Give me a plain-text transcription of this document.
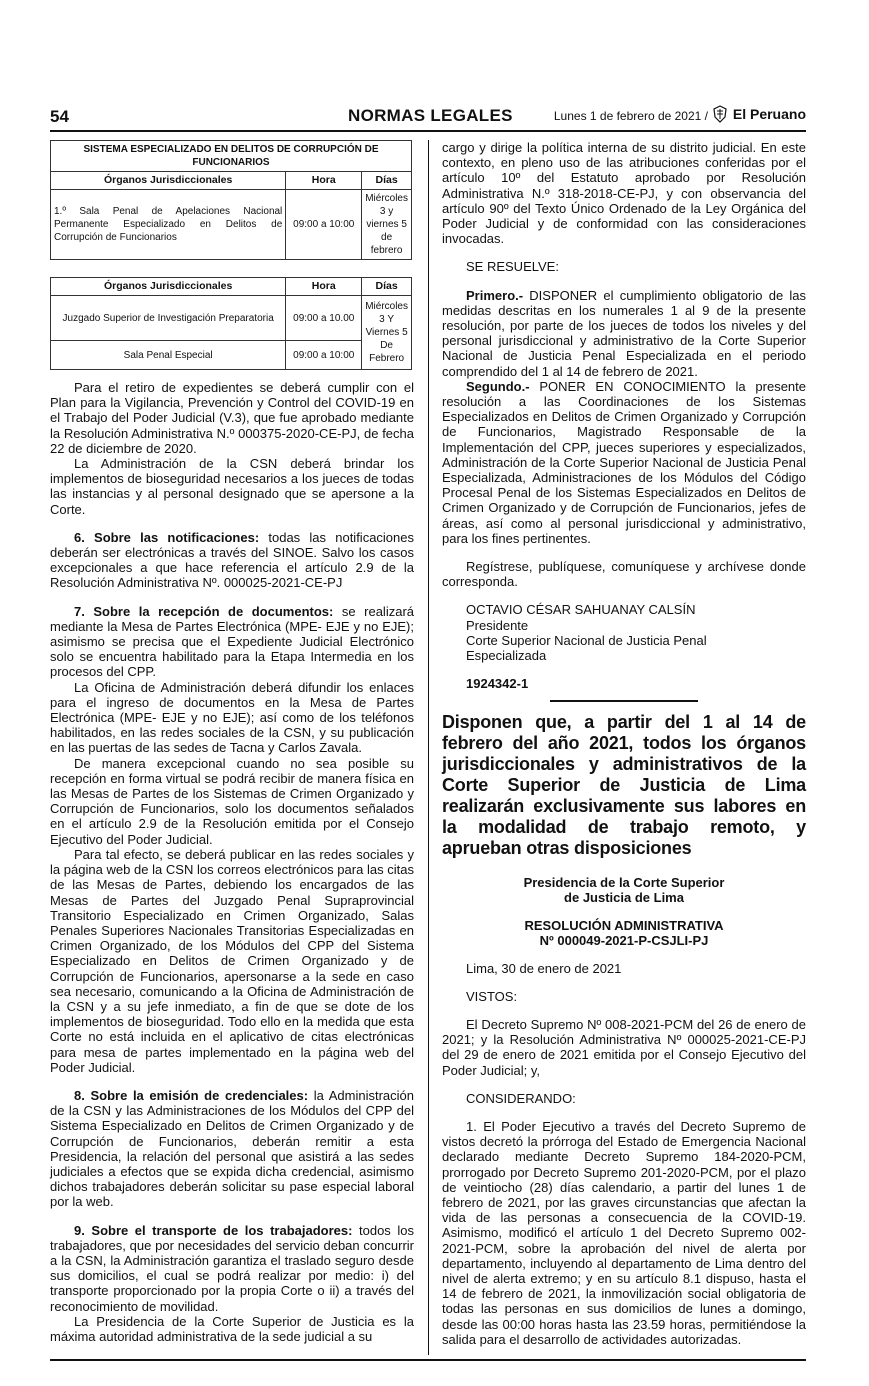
54	NORMAS LEGALES	Lunes 1 de febrero de 2021 / El Peruano
SISTEMA ESPECIALIZADO EN DELITOS DE CORRUPCIÓN DE FUNCIONARIOS		
Órganos Jurisdiccionales	Hora	Días
1.º Sala Penal de Apelaciones Nacional Permanente Especializado en Delitos de Corrupción de Funcionarios	09:00 a 10:00	Miércoles 3 y viernes 5 de febrero
Órganos Jurisdiccionales	Hora	Días
Juzgado Superior de Investigación Preparatoria	09:00 a 10.00	Miércoles 3 Y Viernes 5 De Febrero
Sala Penal Especial	09:00 a 10:00	

Para el retiro de expedientes se deberá cumplir con el Plan para la Vigilancia, Prevención y Control del COVID-19 en el Trabajo del Poder Judicial (V.3), que fue aprobado mediante la Resolución Administrativa N.º 000375-2020-CE-PJ, de fecha 22 de diciembre de 2020.

La Administración de la CSN deberá brindar los implementos de bioseguridad necesarios a los jueces de todas las instancias y al personal designado que se apersone a la Corte.

6. Sobre las notificaciones: todas las notificaciones deberán ser electrónicas a través del SINOE. Salvo los casos excepcionales a que hace referencia el artículo 2.9 de la Resolución Administrativa Nº. 000025-2021-CE-PJ

7. Sobre la recepción de documentos: se realizará mediante la Mesa de Partes Electrónica (MPE- EJE y no EJE); asimismo se precisa que el Expediente Judicial Electrónico solo se encuentra habilitado para la Etapa Intermedia en los procesos del CPP.

La Oficina de Administración deberá difundir los enlaces para el ingreso de documentos en la Mesa de Partes Electrónica (MPE- EJE y no EJE); así como de los teléfonos habilitados, en las redes sociales de la CSN, y su publicación en las puertas de las sedes de Tacna y Carlos Zavala.

De manera excepcional cuando no sea posible su recepción en forma virtual se podrá recibir de manera física en las Mesas de Partes de los Sistemas de Crimen Organizado y Corrupción de Funcionarios, solo los documentos señalados en el artículo 2.9 de la Resolución emitida por el Consejo Ejecutivo del Poder Judicial.

Para tal efecto, se deberá publicar en las redes sociales y la página web de la CSN los correos electrónicos para las citas de las Mesas de Partes, debiendo los encargados de las Mesas de Partes del Juzgado Penal Supraprovincial Transitorio Especializado en Crimen Organizado, Salas Penales Superiores Nacionales Transitorias Especializadas en Crimen Organizado, de los Módulos del CPP del Sistema Especializado en Delitos de Crimen Organizado y de Corrupción de Funcionarios, apersonarse a la sede en caso sea necesario, comunicando a la Oficina de Administración de la CSN y a su jefe inmediato, a fin de que se dote de los implementos de bioseguridad. Todo ello en la medida que esta Corte no está incluida en el aplicativo de citas electrónicas para mesa de partes implementado en la página web del Poder Judicial.

8. Sobre la emisión de credenciales: la Administración de la CSN y las Administraciones de los Módulos del CPP del Sistema Especializado en Delitos de Crimen Organizado y de Corrupción de Funcionarios, deberán remitir a esta Presidencia, la relación del personal que asistirá a las sedes judiciales a efectos que se expida dicha credencial, asimismo dichos trabajadores deberán solicitar su pase especial laboral por la web.

9. Sobre el transporte de los trabajadores: todos los trabajadores, que por necesidades del servicio deban concurrir a la CSN, la Administración garantiza el traslado seguro desde sus domicilios, el cual se podrá realizar por medio: i) del transporte proporcionado por la propia Corte o ii) a través del reconocimiento de movilidad.

La Presidencia de la Corte Superior de Justicia es la máxima autoridad administrativa de la sede judicial a su

cargo y dirige la política interna de su distrito judicial. En este contexto, en pleno uso de las atribuciones conferidas por el artículo 10º del Estatuto aprobado por Resolución Administrativa N.º 318-2018-CE-PJ, y con observancia del artículo 90º del Texto Único Ordenado de la Ley Orgánica del Poder Judicial y de conformidad con las consideraciones invocadas.

SE RESUELVE:

Primero.- DISPONER el cumplimiento obligatorio de las medidas descritas en los numerales 1 al 9 de la presente resolución, por parte de los jueces de todos los niveles y del personal jurisdiccional y administrativo de la Corte Superior Nacional de Justicia Penal Especializada en el periodo comprendido del 1 al 14 de febrero de 2021.

Segundo.- PONER EN CONOCIMIENTO la presente resolución a las Coordinaciones de los Sistemas Especializados en Delitos de Crimen Organizado y Corrupción de Funcionarios, Magistrado Responsable de la Implementación del CPP, jueces superiores y especializados, Administración de la Corte Superior Nacional de Justicia Penal Especializada, Administraciones de los Módulos del Código Procesal Penal de los Sistemas Especializados en Delitos de Crimen Organizado y de Corrupción de Funcionarios, jefes de áreas, así como al personal jurisdiccional y administrativo, para los fines pertinentes.

Regístrese, publíquese, comuníquese y archívese donde corresponda.

OCTAVIO CÉSAR SAHUANAY CALSÍN
Presidente
Corte Superior Nacional de Justicia Penal
Especializada

1924342-1

Disponen que, a partir del 1 al 14 de febrero del año 2021, todos los órganos jurisdiccionales y administrativos de la Corte Superior de Justicia de Lima realizarán exclusivamente sus labores en la modalidad de trabajo remoto, y aprueban otras disposiciones
Presidencia de la Corte Superior
de Justicia de Lima
RESOLUCIÓN ADMINISTRATIVA
Nº 000049-2021-P-CSJLI-PJ

Lima, 30 de enero de 2021

VISTOS:

El Decreto Supremo Nº 008-2021-PCM del 26 de enero de 2021; y la Resolución Administrativa Nº 000025-2021-CE-PJ del 29 de enero de 2021 emitida por el Consejo Ejecutivo del Poder Judicial; y,

CONSIDERANDO:

1. El Poder Ejecutivo a través del Decreto Supremo de vistos decretó la prórroga del Estado de Emergencia Nacional declarado mediante Decreto Supremo 184-2020-PCM, prorrogado por Decreto Supremo 201-2020-PCM, por el plazo de veintiocho (28) días calendario, a partir del lunes 1 de febrero de 2021, por las graves circunstancias que afectan la vida de las personas a consecuencia de la COVID-19. Asimismo, modificó el artículo 1 del Decreto Supremo 002-2021-PCM, sobre la aprobación del nivel de alerta por departamento, incluyendo al departamento de Lima dentro del nivel de alerta extremo; y en su artículo 8.1 dispuso, hasta el 14 de febrero de 2021, la inmovilización social obligatoria de todas las personas en sus domicilios de lunes a domingo, desde las 00:00 horas hasta las 23.59 horas, permitiéndose la salida para el desarrollo de actividades autorizadas.
